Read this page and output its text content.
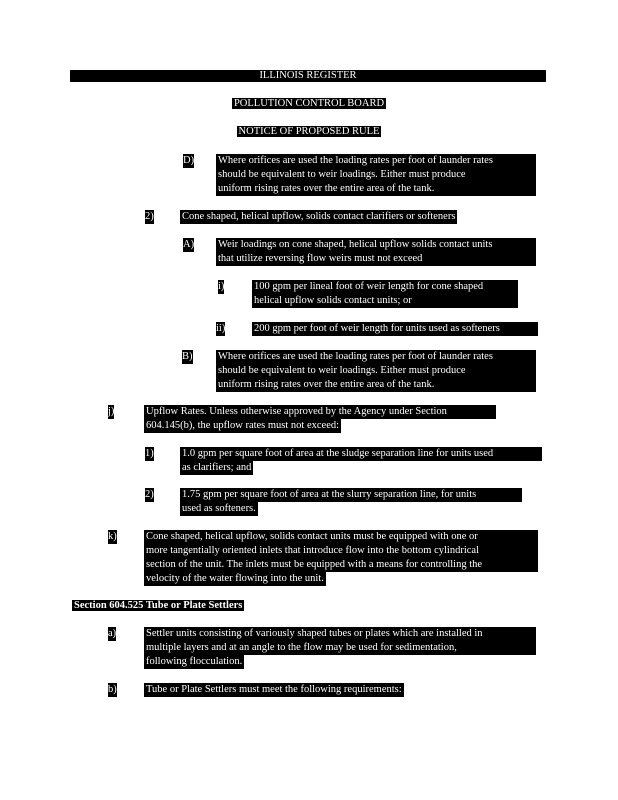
ILLINOIS REGISTER
POLLUTION CONTROL BOARD
NOTICE OF PROPOSED RULE
D) Where orifices are used the loading rates per foot of launder rates
should be equivalent to weir loadings. Either must produce
uniform rising rates over the entire area of the tank.
2)	Cone shaped, helical upflow, solids contact clarifiers or softeners
A) Weir loadings on cone shaped, helical upflow solids contact units
that utilize reversing flow weirs must not exceed
i)	100 gpm per lineal foot of weir length for cone shaped
helical upflow solids contact units; or
ii)	200 gpm per foot of weir length for units used as softeners
B) Where orifices are used the loading rates per foot of launder rates
should be equivalent to weir loadings. Either must produce
uniform rising rates over the entire area of the tank.
j)	Upflow Rates. Unless otherwise approved by the Agency under Section
604.145(b), the upflow rates must not exceed:
1)	1.0 gpm per square foot of area at the sludge separation line for units used
as clarifiers; and
2)	1.75 gpm per square foot of area at the slurry separation line, for units
used as softeners.
k)	Cone shaped, helical upflow, solids contact units must be equipped with one or
more tangentially oriented inlets that introduce flow into the bottom cylindrical
section of the unit. The inlets must be equipped with a means for controlling the
velocity of the water flowing into the unit.
Section 604.525 Tube or Plate Settlers
a)	Settler units consisting of variously shaped tubes or plates which are installed in
multiple layers and at an angle to the flow may be used for sedimentation,
following flocculation.
b)	Tube or Plate Settlers must meet the following requirements:
